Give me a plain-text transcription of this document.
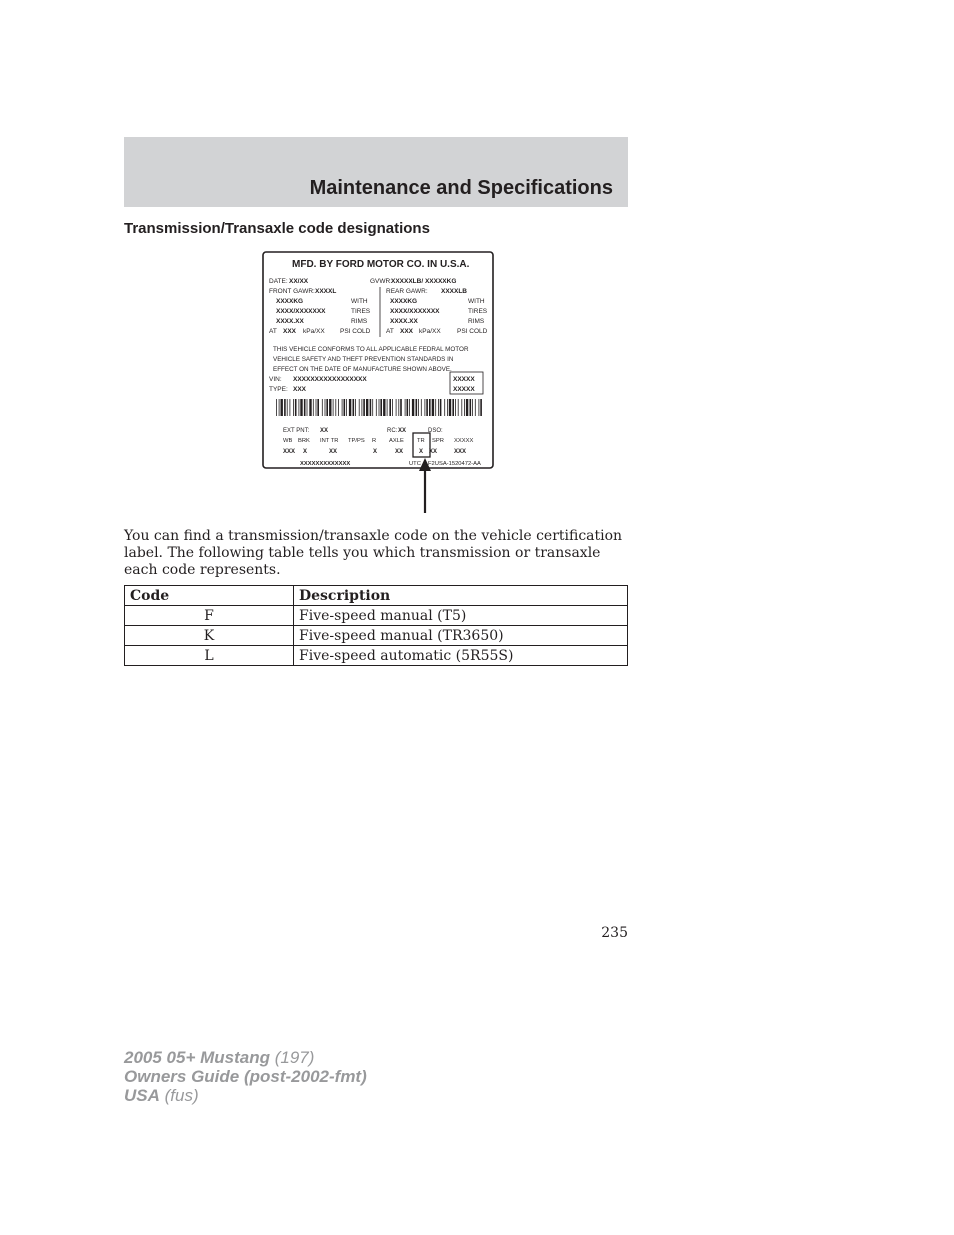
Maintenance and Specifications
Transmission/Transaxle code designations
MFD. BY FORD MOTOR CO. IN U.S.A.
DATE: XX/XX	GVWR:
XXXXXLB/ XXXXXKG
FRONT GAWR: XXXXL	REAR GAWR: XXXXLB
XXXXKG	WITH	XXXXKG	WITH
XXXX/XXXXXXX	TIRES	XXXX/XXXXXXX	TIRES
XXXX.XX	RIMS	XXXX.XX	RIMS
AT XXX kPa/XX PSI COLD AT XXX kPa/XX	PSI COLD
THIS VEHICLE CONFORMS TO ALL APPLICABLE FEDRAL MOTOR
VEHICLE SAFETY AND THEFT PREVENTION STANDARDS IN
EFFECT ON THE DATE OF MANUFACTURE SHOWN ABOVE.
VIN: XXXXXXXXXXXXXXXXX
TYPE: XXX
XXXXX
XXXXX
EXT PNT: XX	RC: XX	DSO:
WB BRK INT TR TP/PS R AXLE TR SPR XXXXX
XXX X	XX	X	XX	X XX	XXX
XXXXXXXXXXXXX	UTC F2USA-1520472-AA
You can find a transmission/transaxle code on the vehicle certification label. The following table tells you which transmission or transaxle each code represents.
Code	Description
F	Five-speed manual (T5)
K	Five-speed manual (TR3650)
L	Five-speed automatic (5R55S)
235
2005 05+ Mustang (197)
Owners Guide (post-2002-fmt)
USA (fus)
